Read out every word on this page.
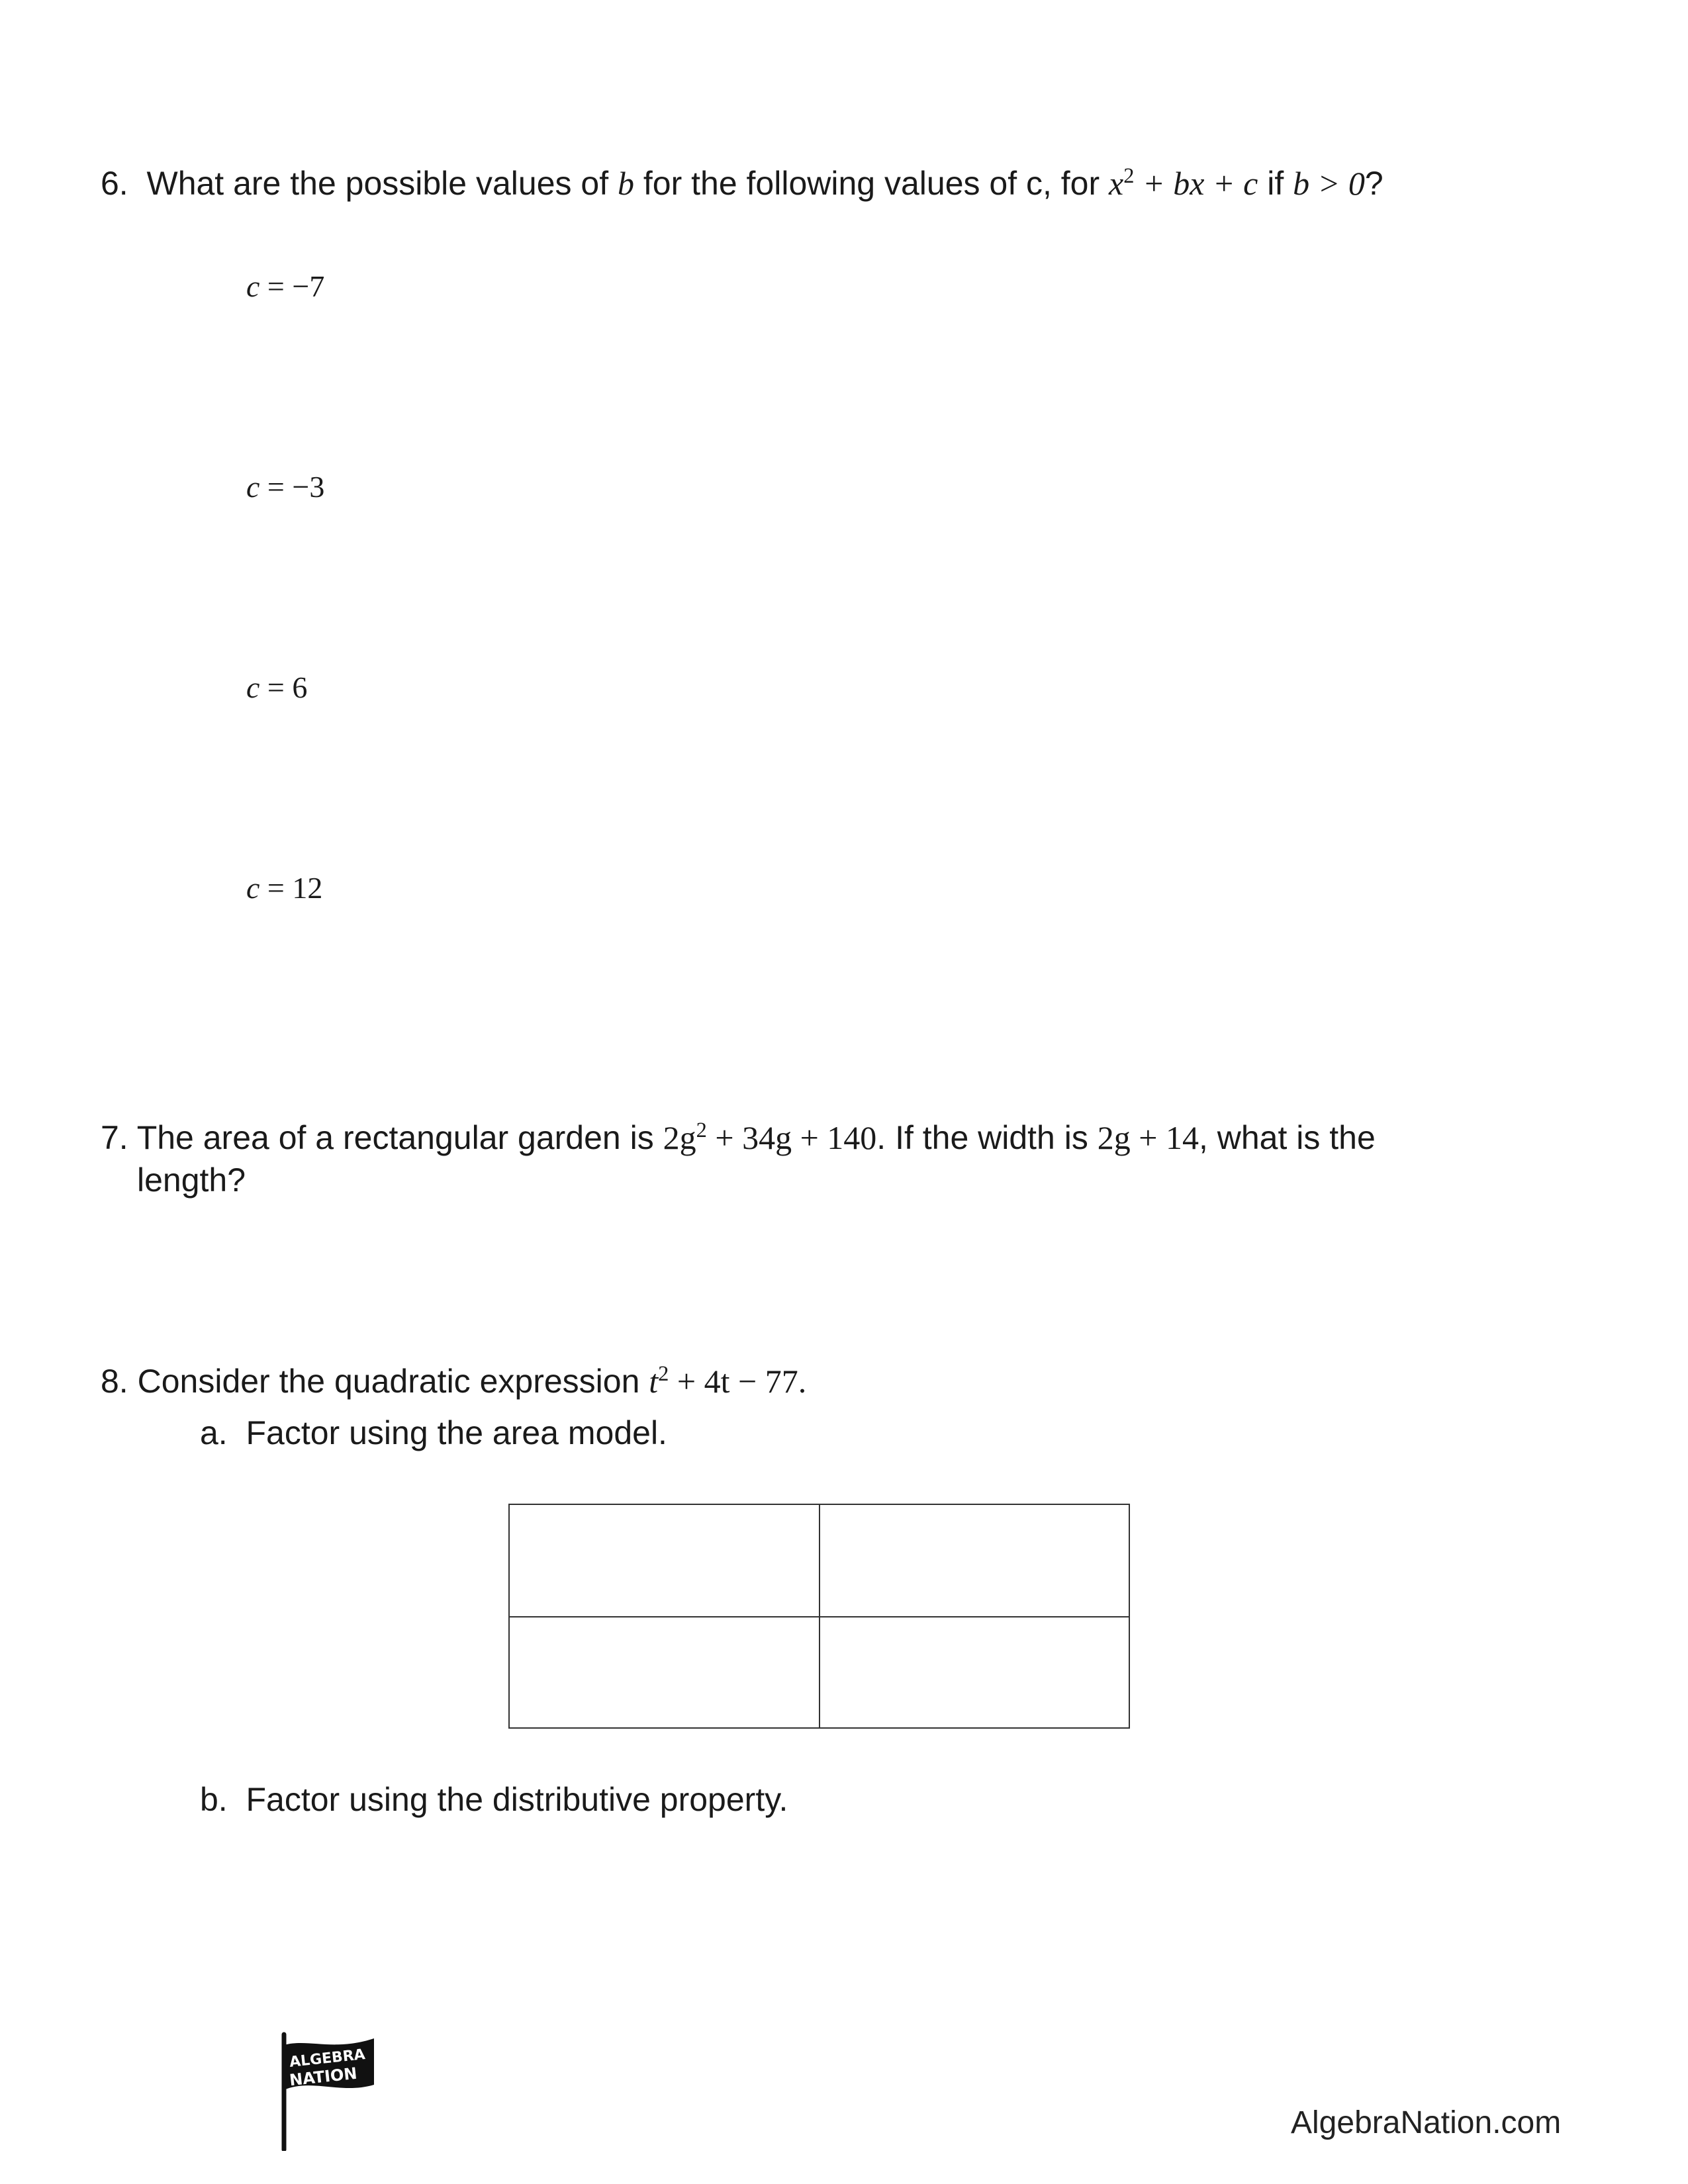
6. What are the possible values of b for the following values of c, for $x^2$ + bx + c if b > 0?
c = −7
c = −3
c = 6
c = 12
7. The area of a rectangular garden is $2g^2 + 34g + 140$. If the width is 2g + 14, what is the
length?
8. Consider the quadratic expression $t^2 + 4t - 77$.
a. Factor using the area model.
b. Factor using the distributive property.
ALGEBRA
NATION
AlgebraNation.com
